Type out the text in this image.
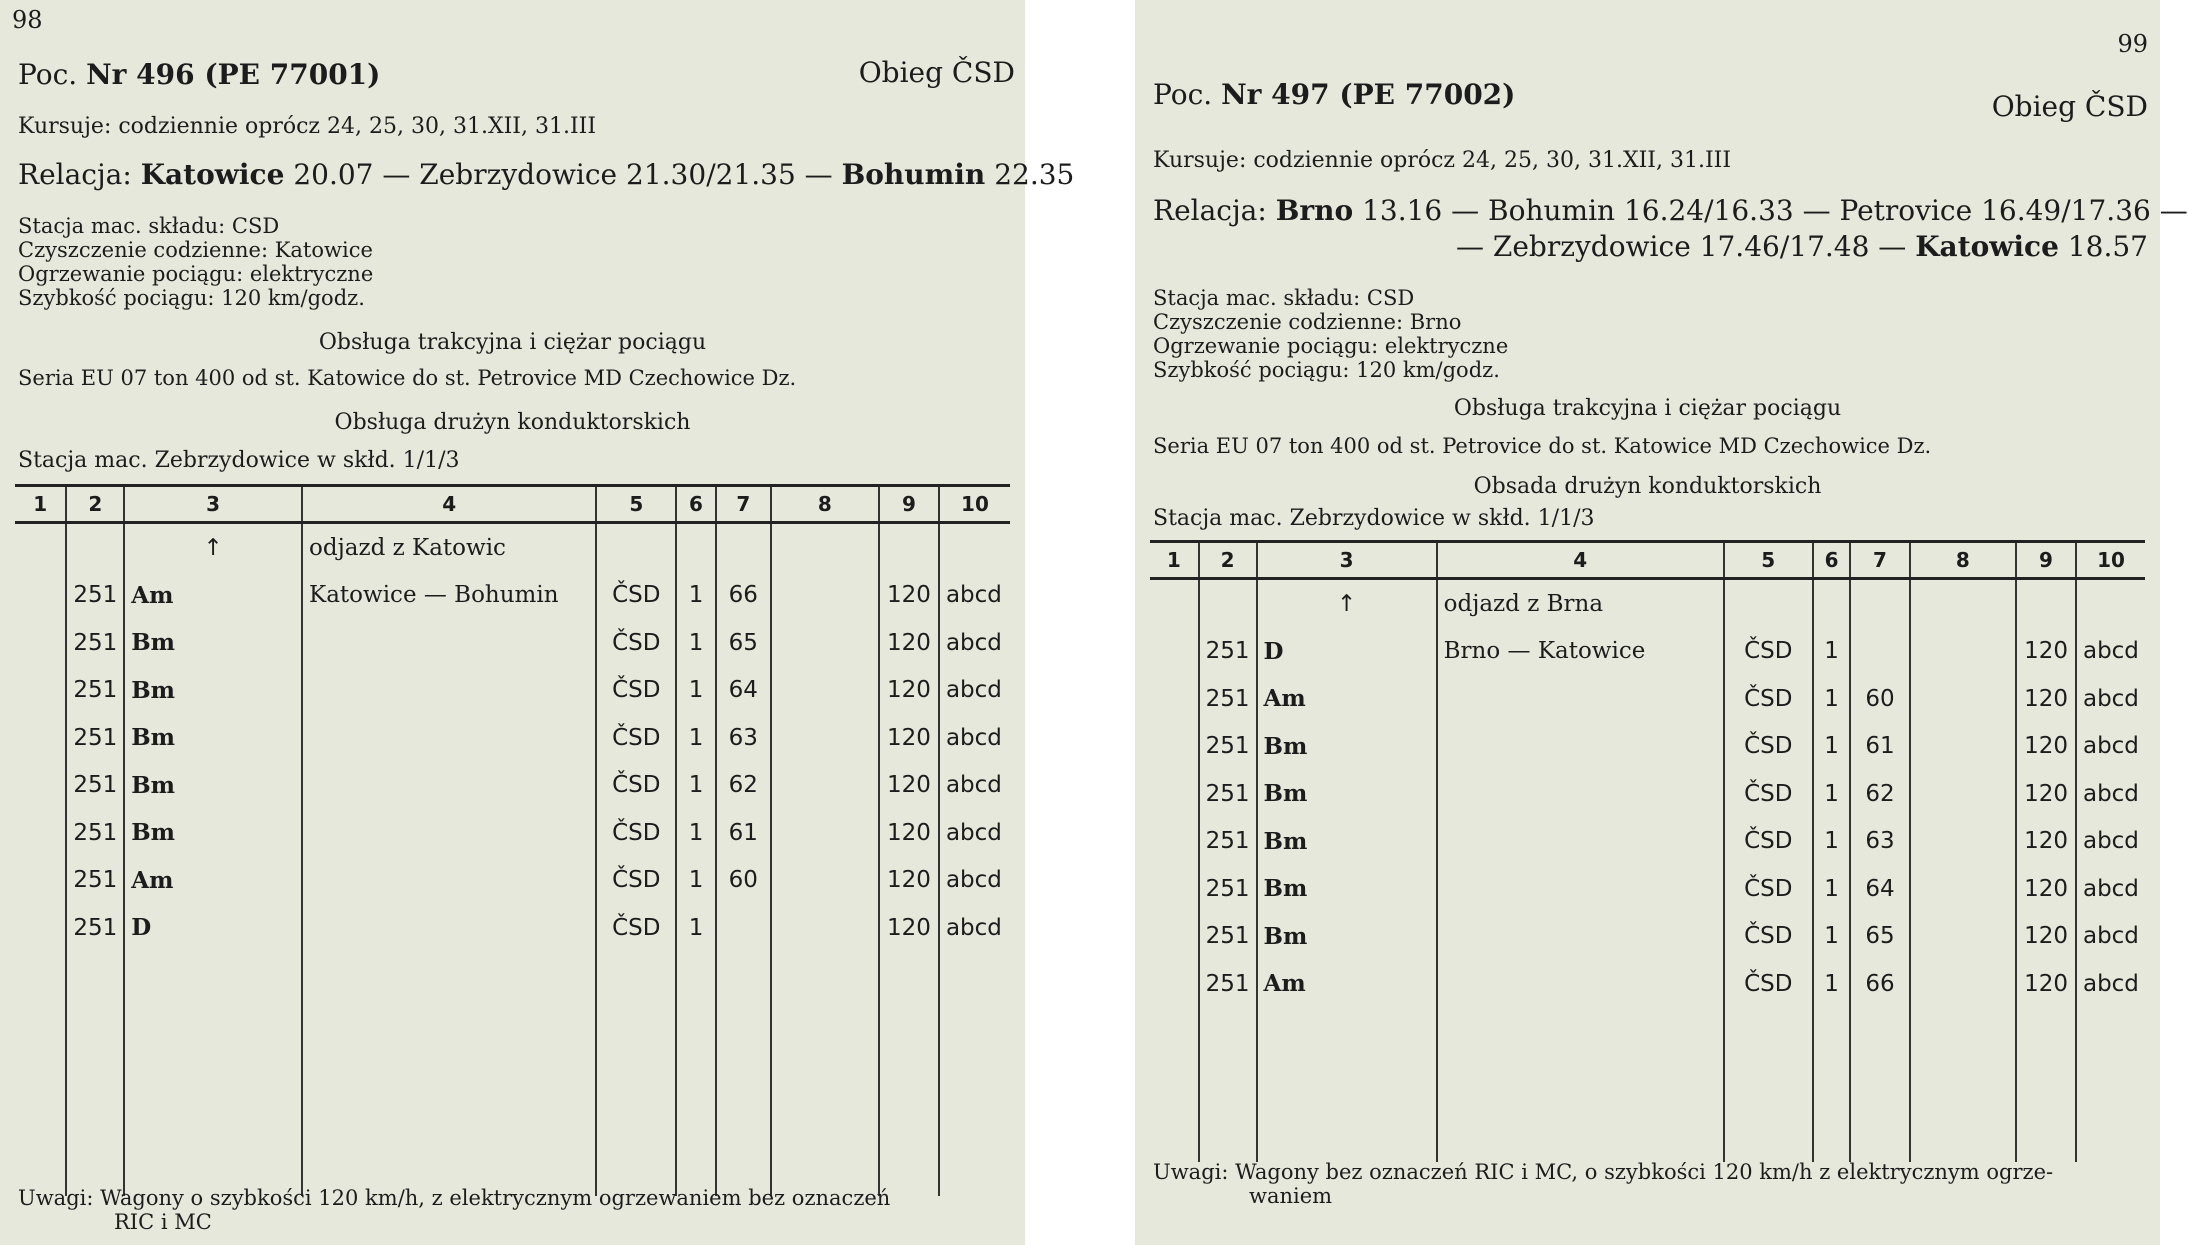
98
Poc. Nr 496 (PE 77001)	Obieg ČSD
Kursuje: codziennie oprócz 24, 25, 30, 31.XII, 31.III
Relacja: Katowice 20.07 — Zebrzydowice 21.30/21.35 — Bohumin 22.35
Stacja mac. składu: CSD
Czyszczenie codzienne: Katowice
Ogrzewanie pociągu: elektryczne
Szybkość pociągu: 120 km/godz.
Obsługa trakcyjna i ciężar pociągu
Seria EU 07 ton 400 od st. Katowice do st. Petrovice MD Czechowice Dz.
Obsługa drużyn konduktorskich
Stacja mac. Zebrzydowice w skłd. 1/1/3
1	2	3	4	5	6	7	8	9	10
		↑	odjazd z Katowic						
	251	Am	Katowice — Bohumin	ČSD	1	66		120	abcd
	251	Bm		ČSD	1	65		120	abcd
	251	Bm		ČSD	1	64		120	abcd
	251	Bm		ČSD	1	63		120	abcd
	251	Bm		ČSD	1	62		120	abcd
	251	Bm		ČSD	1	61		120	abcd
	251	Am		ČSD	1	60		120	abcd
	251	D		ČSD	1			120	abcd

Uwagi: Wagony o szybkości 120 km/h, z elektrycznym ogrzewaniem bez oznaczeń
RIC i MC
99
Poc. Nr 497 (PE 77002)	Obieg ČSD
Kursuje: codziennie oprócz 24, 25, 30, 31.XII, 31.III
Relacja: Brno 13.16 — Bohumin 16.24/16.33 — Petrovice 16.49/17.36 —
— Zebrzydowice 17.46/17.48 — Katowice 18.57
Stacja mac. składu: CSD
Czyszczenie codzienne: Brno
Ogrzewanie pociągu: elektryczne
Szybkość pociągu: 120 km/godz.
Obsługa trakcyjna i ciężar pociągu
Seria EU 07 ton 400 od st. Petrovice do st. Katowice MD Czechowice Dz.
Obsada drużyn konduktorskich
Stacja mac. Zebrzydowice w skłd. 1/1/3
1	2	3	4	5	6	7	8	9	10
		↑	odjazd z Brna						
	251	D	Brno — Katowice	ČSD	1			120	abcd
	251	Am		ČSD	1	60		120	abcd
	251	Bm		ČSD	1	61		120	abcd
	251	Bm		ČSD	1	62		120	abcd
	251	Bm		ČSD	1	63		120	abcd
	251	Bm		ČSD	1	64		120	abcd
	251	Bm		ČSD	1	65		120	abcd
	251	Am		ČSD	1	66		120	abcd

Uwagi: Wagony bez oznaczeń RIC i MC, o szybkości 120 km/h z elektrycznym ogrze-
waniem
